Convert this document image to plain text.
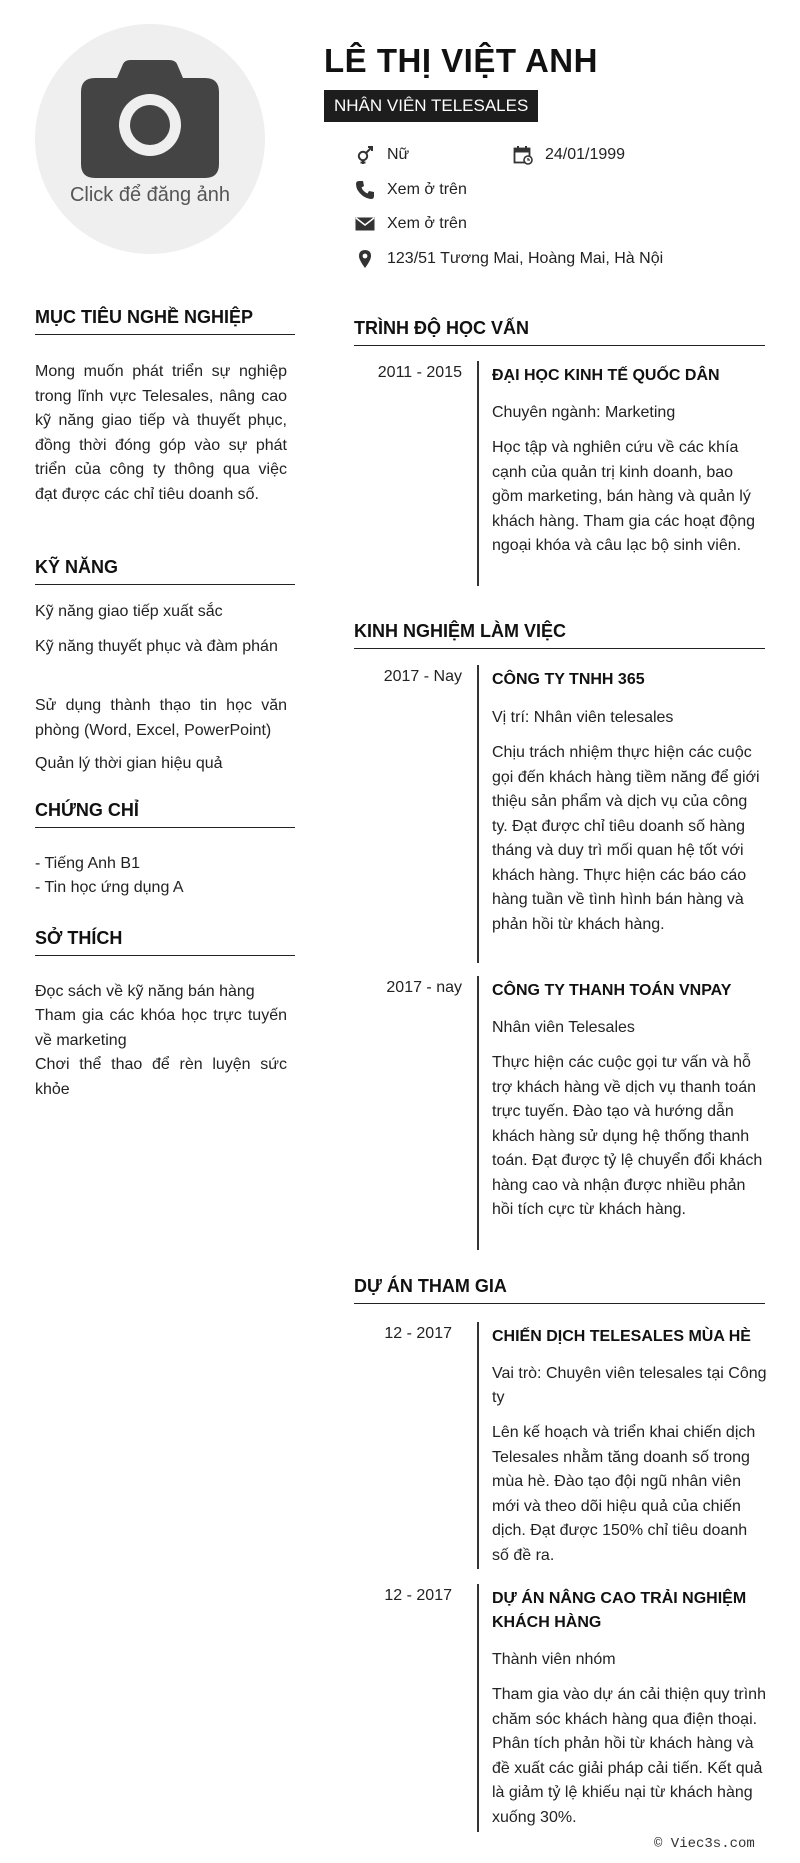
Click để đăng ảnh
LÊ THỊ VIỆT ANH
NHÂN VIÊN TELESALES
Nữ	24/01/1999
Xem ở trên
Xem ở trên
123/51 Tương Mai, Hoàng Mai, Hà Nội
MỤC TIÊU NGHỀ NGHIỆP
Mong muốn phát triển sự nghiệp trong lĩnh vực Telesales, nâng cao kỹ năng giao tiếp và thuyết phục, đồng thời đóng góp vào sự phát triển của công ty thông qua việc đạt được các chỉ tiêu doanh số.
KỸ NĂNG
Kỹ năng giao tiếp xuất sắc
Kỹ năng thuyết phục và đàm phán
Sử dụng thành thạo tin học văn phòng (Word, Excel, PowerPoint)
Quản lý thời gian hiệu quả
CHỨNG CHỈ
- Tiếng Anh B1
- Tin học ứng dụng A
SỞ THÍCH
Đọc sách về kỹ năng bán hàng
Tham gia các khóa học trực tuyến về marketing
Chơi thể thao để rèn luyện sức khỏe
TRÌNH ĐỘ HỌC VẤN
2011 - 2015 ĐẠI HỌC KINH TẾ QUỐC DÂN
Chuyên ngành: Marketing
Học tập và nghiên cứu về các khía cạnh của quản trị kinh doanh, bao gồm marketing, bán hàng và quản lý khách hàng. Tham gia các hoạt động ngoại khóa và câu lạc bộ sinh viên.
KINH NGHIỆM LÀM VIỆC
2017 - Nay CÔNG TY TNHH 365
Vị trí: Nhân viên telesales
Chịu trách nhiệm thực hiện các cuộc gọi đến khách hàng tiềm năng để giới thiệu sản phẩm và dịch vụ của công ty. Đạt được chỉ tiêu doanh số hàng tháng và duy trì mối quan hệ tốt với khách hàng. Thực hiện các báo cáo hàng tuần về tình hình bán hàng và phản hồi từ khách hàng.
2017 - nay CÔNG TY THANH TOÁN VNPAY
Nhân viên Telesales
Thực hiện các cuộc gọi tư vấn và hỗ trợ khách hàng về dịch vụ thanh toán trực tuyến. Đào tạo và hướng dẫn khách hàng sử dụng hệ thống thanh toán. Đạt được tỷ lệ chuyển đổi khách hàng cao và nhận được nhiều phản hồi tích cực từ khách hàng.
DỰ ÁN THAM GIA
12 - 2017	CHIẾN DỊCH TELESALES MÙA HÈ
Vai trò: Chuyên viên telesales tại Công ty
Lên kế hoạch và triển khai chiến dịch Telesales nhằm tăng doanh số trong mùa hè. Đào tạo đội ngũ nhân viên mới và theo dõi hiệu quả của chiến dịch. Đạt được 150% chỉ tiêu doanh số đề ra.
12 - 2017	DỰ ÁN NÂNG CAO TRẢI NGHIỆM KHÁCH HÀNG
Thành viên nhóm
Tham gia vào dự án cải thiện quy trình chăm sóc khách hàng qua điện thoại. Phân tích phản hồi từ khách hàng và đề xuất các giải pháp cải tiến. Kết quả là giảm tỷ lệ khiếu nại từ khách hàng xuống 30%.
© Viec3s.com
